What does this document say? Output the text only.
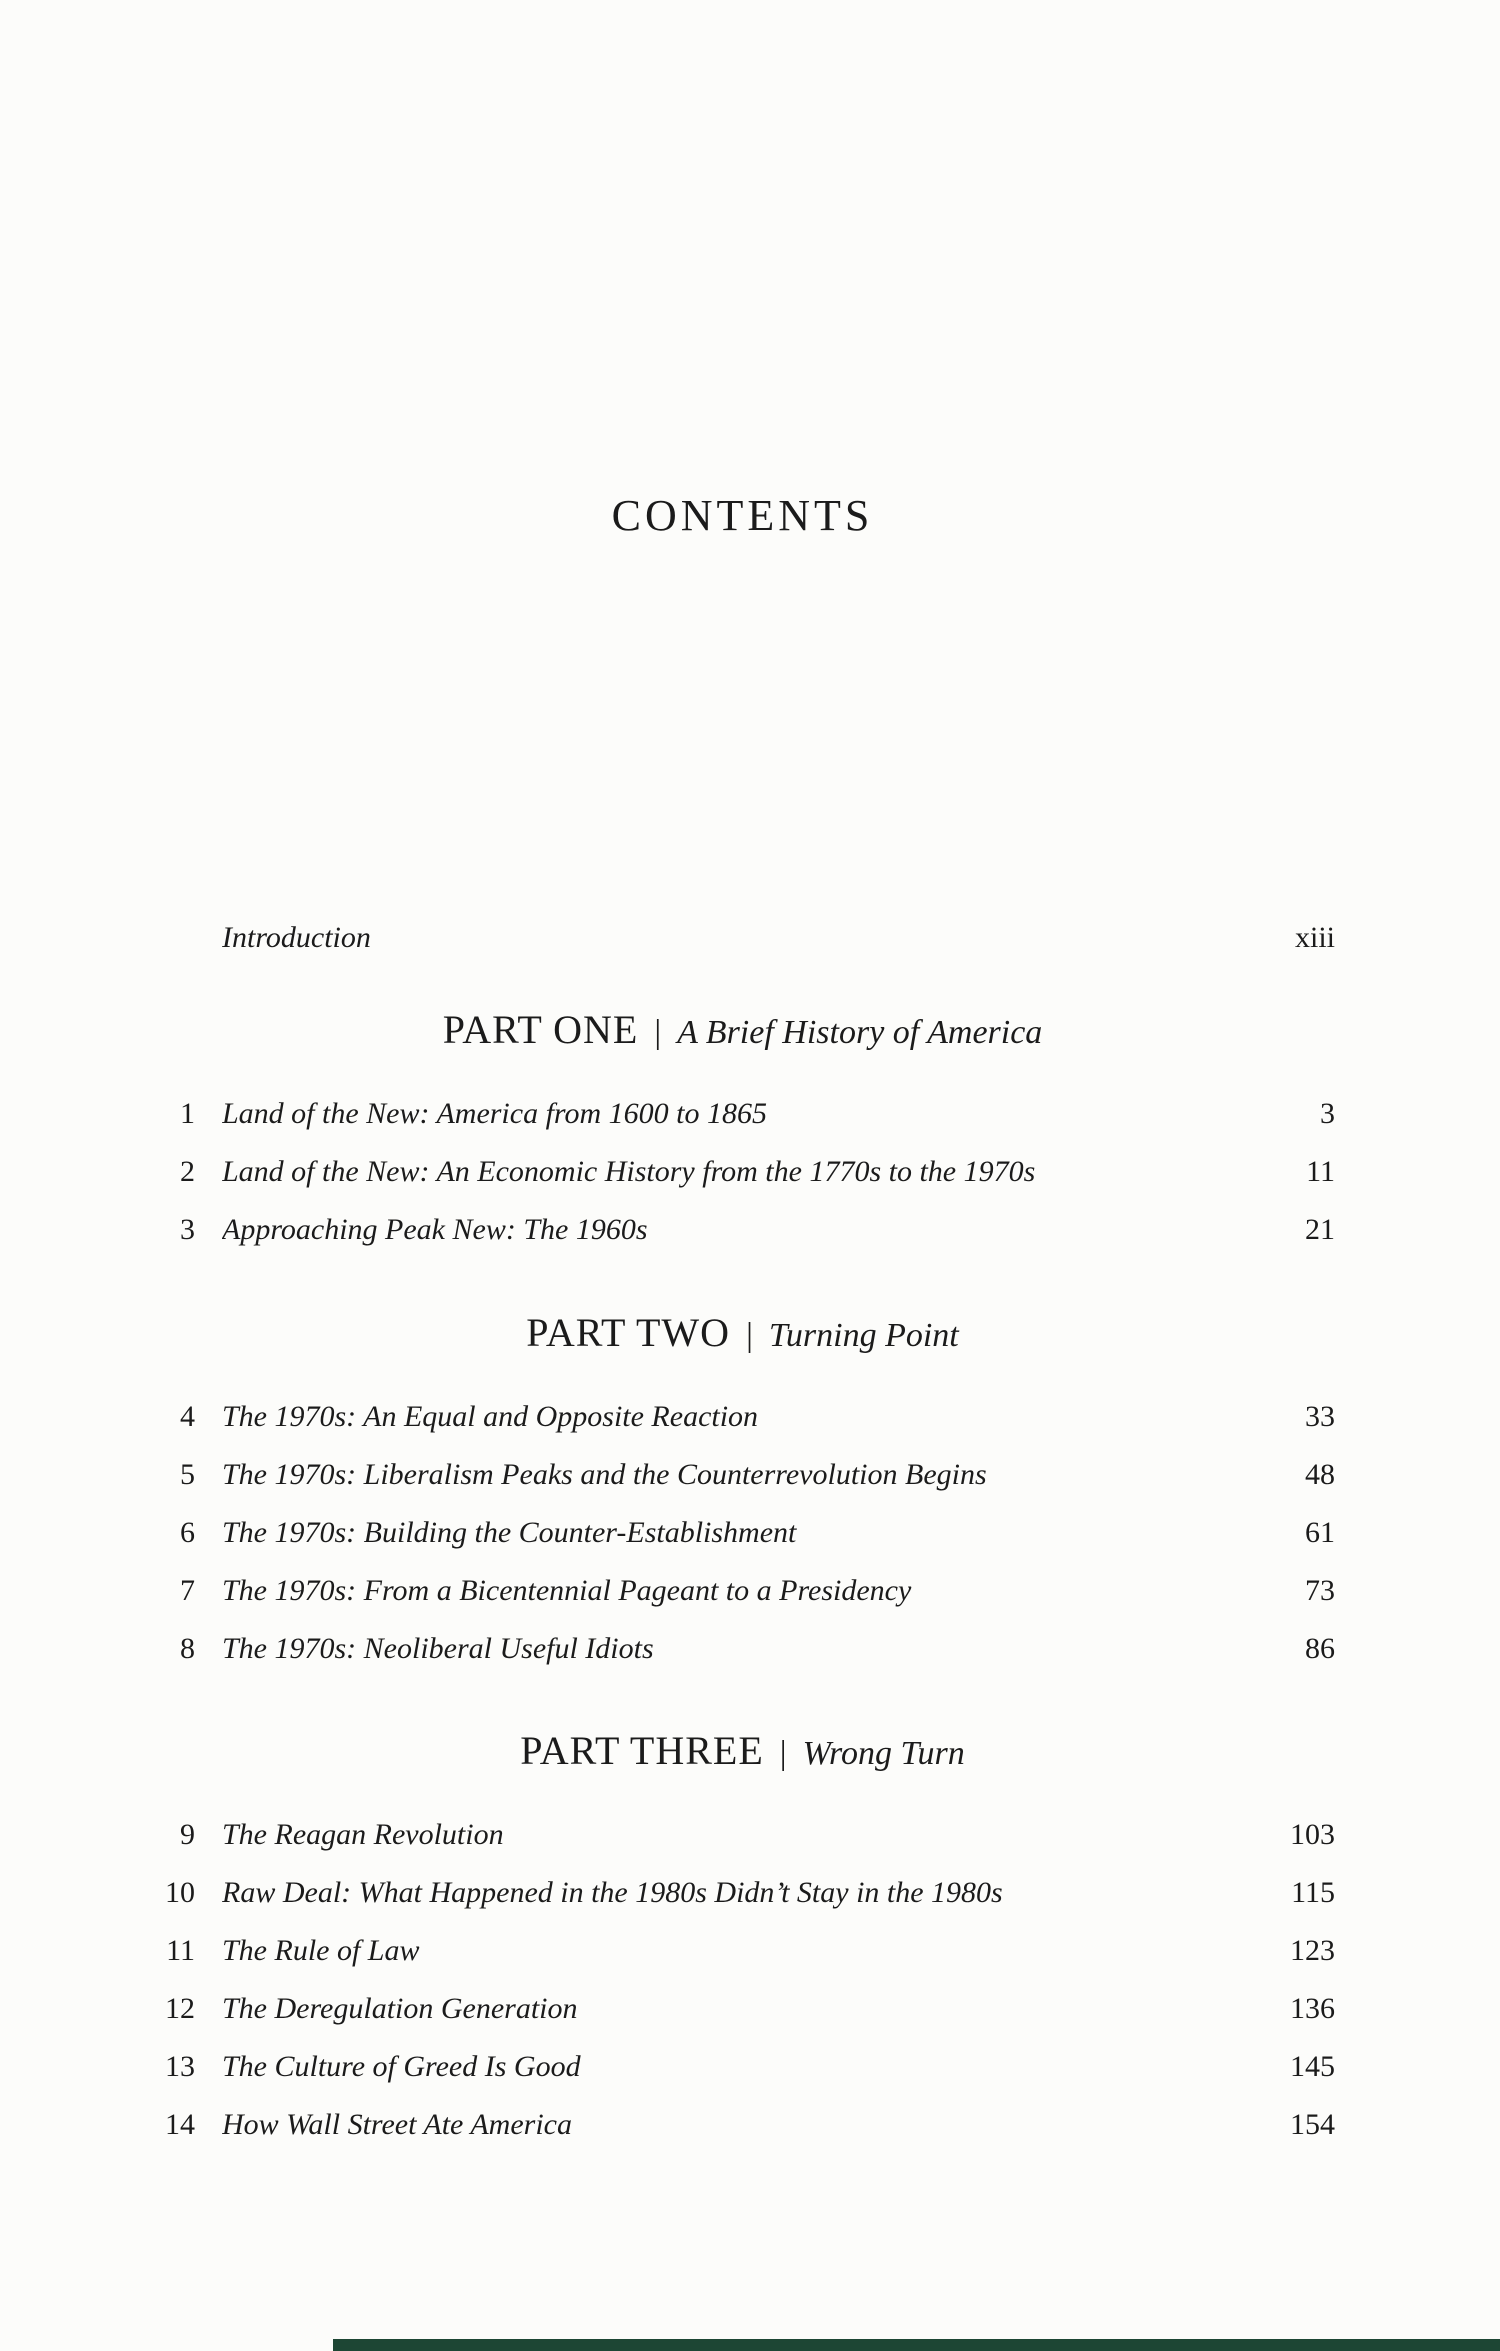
CONTENTS
Introduction	xiii
PART ONE | A Brief History of America
1 Land of the New: America from 1600 to 1865	3
2 Land of the New: An Economic History from the 1770s to the 1970s	11
3 Approaching Peak New: The 1960s	21
PART TWO | Turning Point
4 The 1970s: An Equal and Opposite Reaction	33
5 The 1970s: Liberalism Peaks and the Counterrevolution Begins	48
6 The 1970s: Building the Counter-Establishment	61
7 The 1970s: From a Bicentennial Pageant to a Presidency	73
8 The 1970s: Neoliberal Useful Idiots	86
PART THREE | Wrong Turn
9 The Reagan Revolution	103
10 Raw Deal: What Happened in the 1980s Didn’t Stay in the 1980s	115
11 The Rule of Law	123
12 The Deregulation Generation	136
13 The Culture of Greed Is Good	145
14 How Wall Street Ate America	154
